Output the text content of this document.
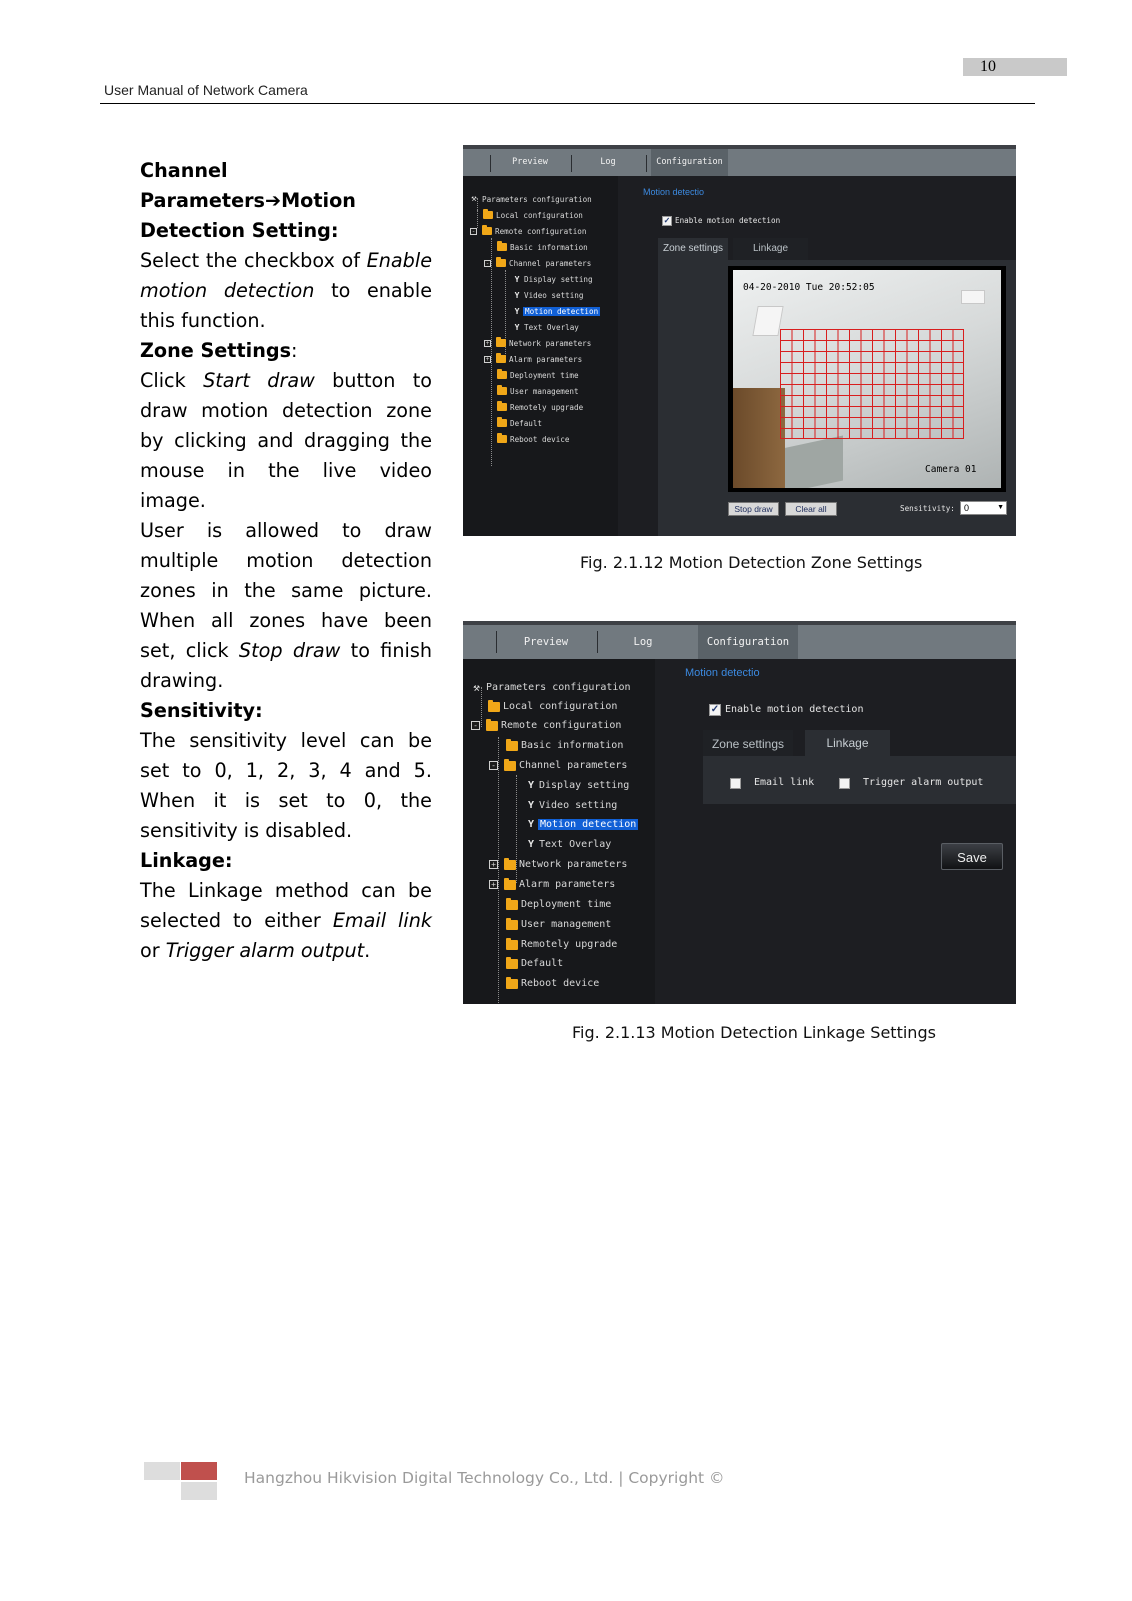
10
User Manual of Network Camera

Channel Parameters➔Motion

Detection Setting:

Select the checkbox of Enable motion detection to enable this function.

Zone Settings:

Click Start draw button to draw motion detection zone by clicking and dragging the mouse in the live video image.

User is allowed to draw multiple motion detection zones in the same picture. When all zones have been set, click Stop draw to finish drawing.

Sensitivity:

The sensitivity level can be set to 0, 1, 2, 3, 4 and 5. When it is set to 0, the sensitivity is disabled.

Linkage:

The Linkage method can be selected to either Email link or Trigger alarm output.

Preview	Log	Configuration
⚒ Parameters configuration
Local configuration
-	Remote configuration
Basic information
-	Channel parameters
Y Display setting
Y Video setting
Y Motion detection
Y Text Overlay
+	Network parameters
+	Alarm parameters
Deployment time
User management
Remotely upgrade
Default
Reboot device
Motion detectio
✓ Enable motion detection
Zone settings	Linkage
04-20-2010 Tue 20:52:05
Camera 01
Stop draw	Clear all	Sensitivity: 0	▼
Fig. 2.1.12 Motion Detection Zone Settings
Preview	Log	Configuration
⚒ Parameters configuration
Local configuration
- Remote configuration
Basic information
- Channel parameters
Y Display setting
Y Video setting
Y Motion detection
Y Text Overlay
+ Network parameters
+ Alarm parameters
Deployment time
User management
Remotely upgrade
Default
Reboot device
Motion detectio
✓ Enable motion detection
Zone settings	Linkage
Email link	Trigger alarm output
Save
Fig. 2.1.13 Motion Detection Linkage Settings
Hangzhou Hikvision Digital Technology Co., Ltd. | Copyright ©
